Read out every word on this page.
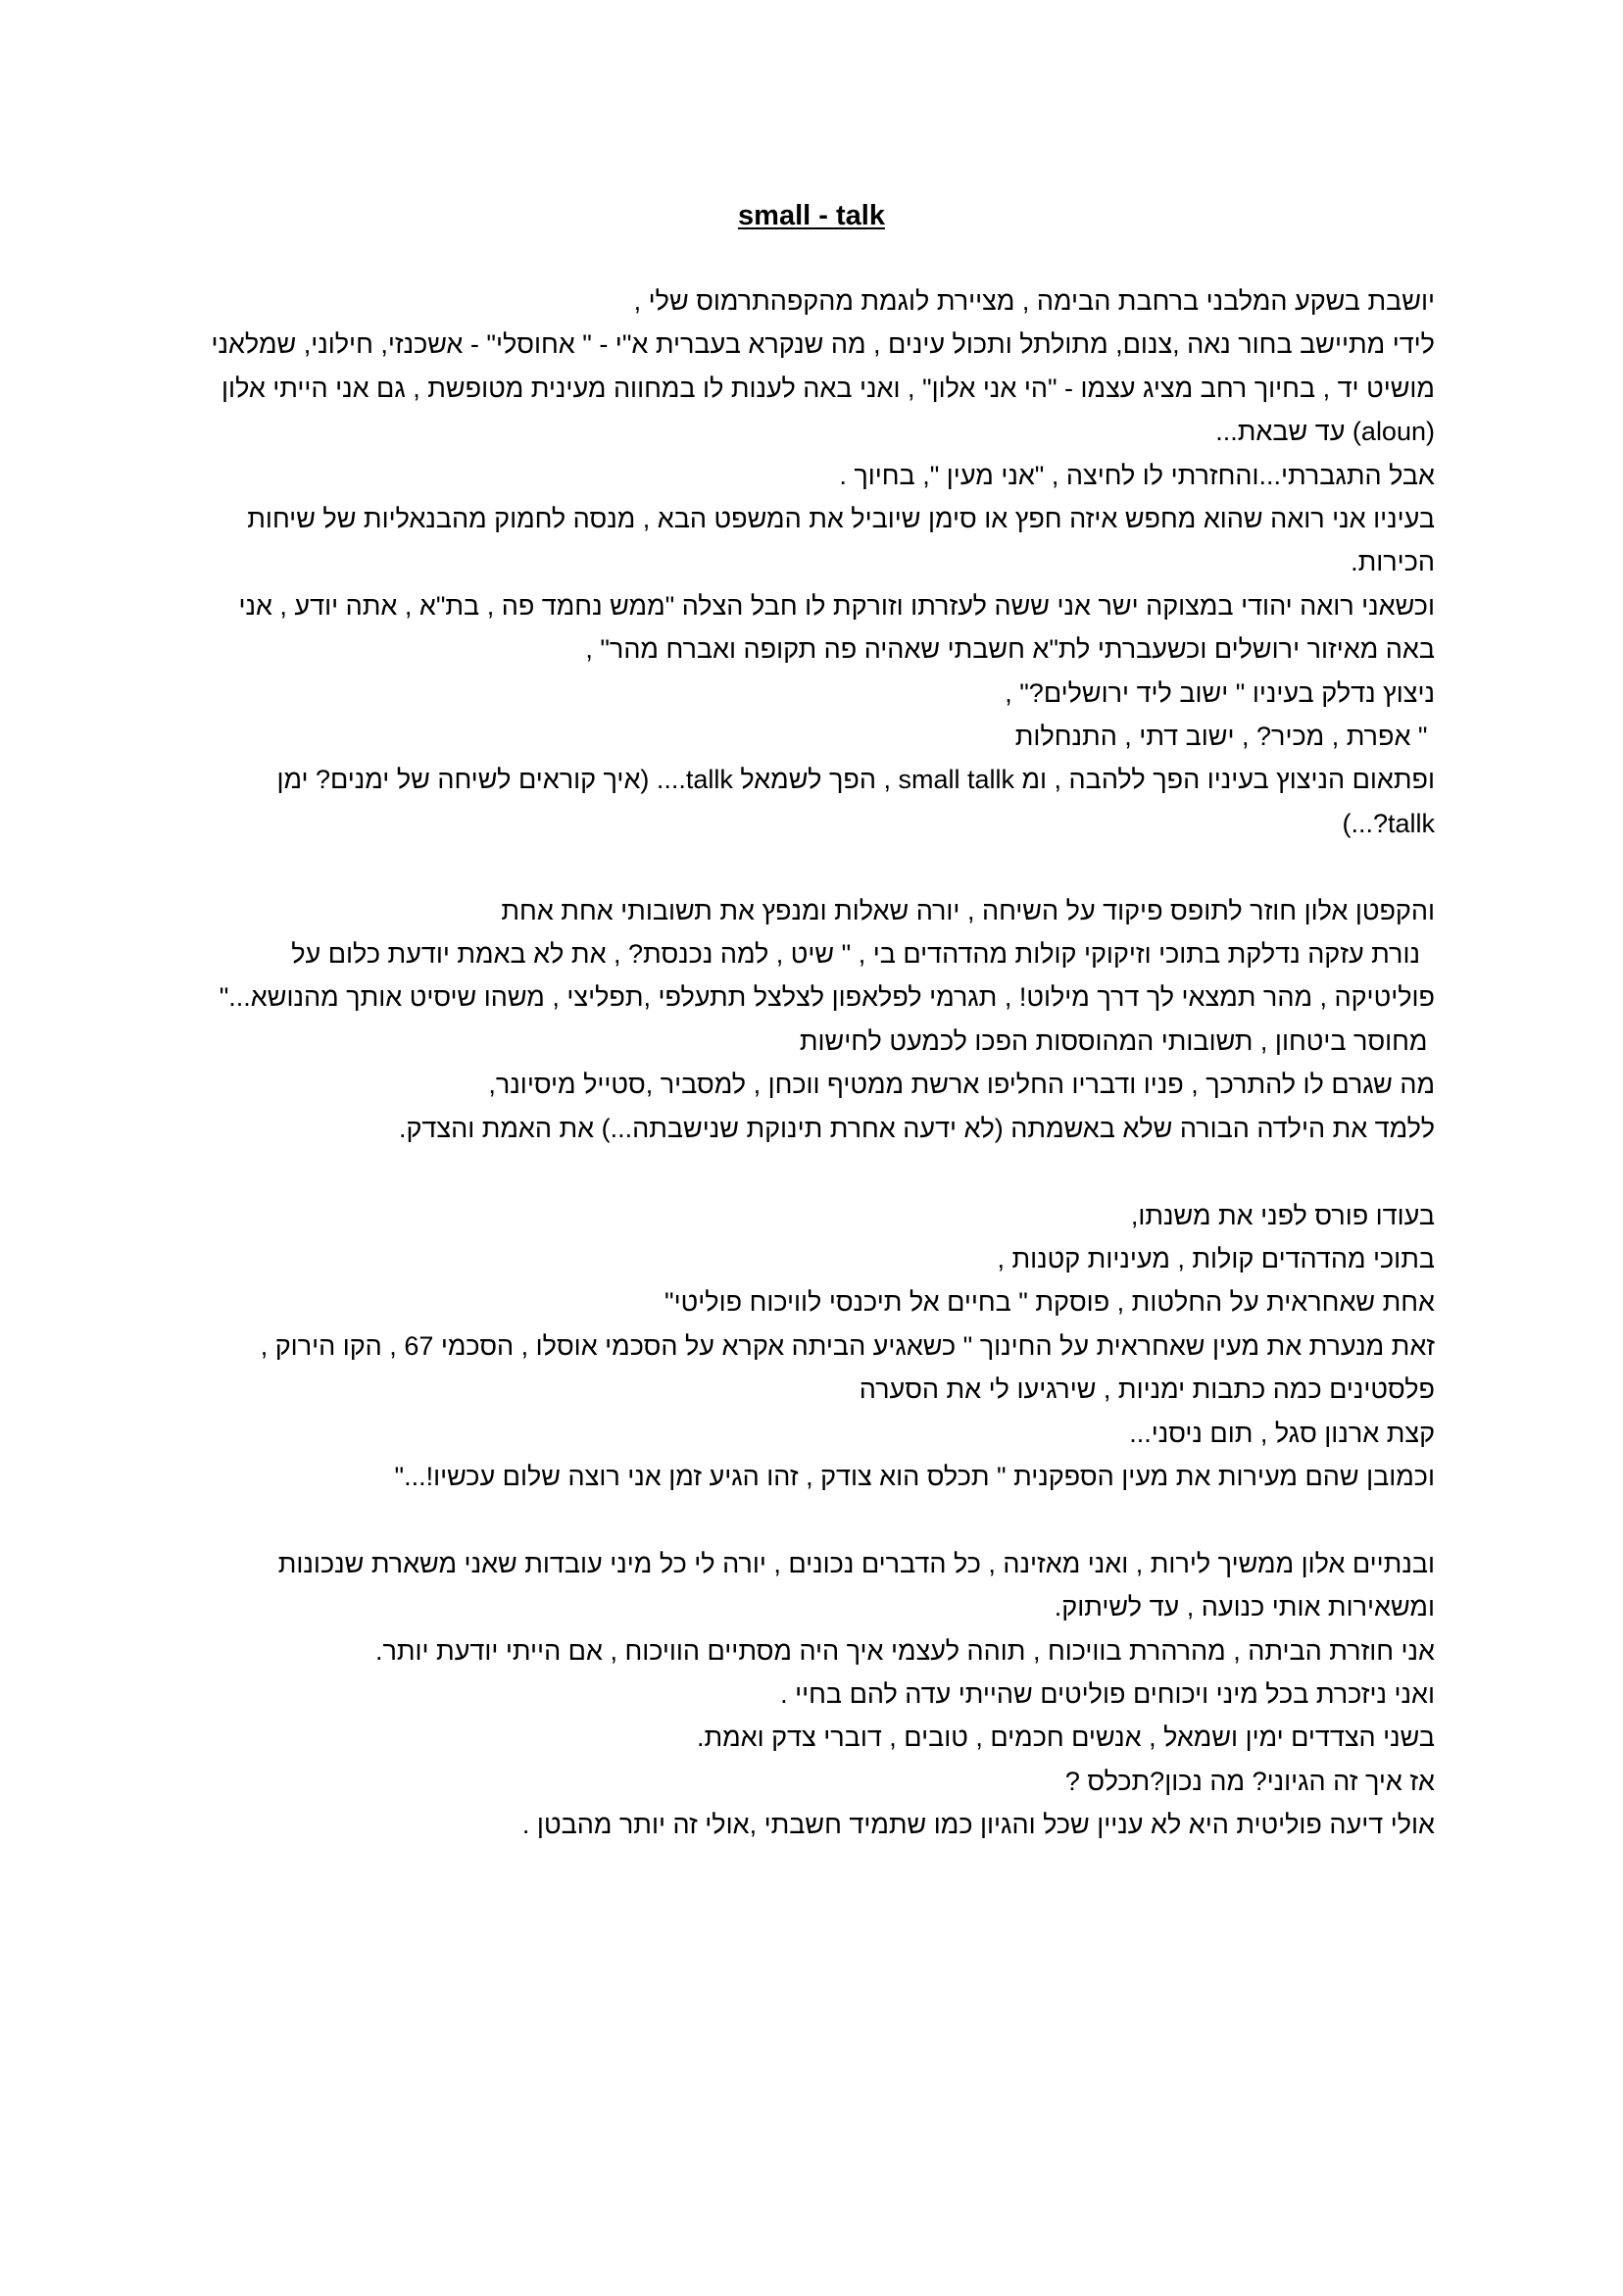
small - talk

יושבת בשקע המלבני ברחבת הבימה , מציירת לוגמת מהקפהתרמוס שלי ,
לידי מתיישב בחור נאה ,צנום, מתולתל ותכול עינים , מה שנקרא בעברית א"י - " אחוסלי" - אשכנזי, חילוני, שמלאני
מושיט יד , בחיוך רחב מציג עצמו - "הי אני אלון" , ואני באה לענות לו במחווה מעינית מטופשת , גם אני הייתי אלון (aloun) עד שבאת...
אבל התגברתי...והחזרתי לו לחיצה , "אני מעין ", בחיוך .
בעיניו אני רואה שהוא מחפש איזה חפץ או סימן שיוביל את המשפט הבא , מנסה לחמוק מהבנאליות של שיחות הכירות.
וכשאני רואה יהודי במצוקה ישר אני ששה לעזרתו וזורקת לו חבל הצלה "ממש נחמד פה , בת"א , אתה יודע , אני באה מאיזור ירושלים וכשעברתי לת"א חשבתי שאהיה פה תקופה ואברח מהר" ,
ניצוץ נדלק בעיניו " ישוב ליד ירושלים?" ,
" אפרת , מכיר? , ישוב דתי , התנחלות
ופתאום הניצוץ בעיניו הפך ללהבה , ומ small tallk , הפך לשמאל tallk.... (איך קוראים לשיחה של ימנים? ימן tallk?...)

והקפטן אלון חוזר לתופס פיקוד על השיחה , יורה שאלות ומנפץ את תשובותי אחת אחת
נורת עזקה נדלקת בתוכי וזיקוקי קולות מהדהדים בי , " שיט , למה נכנסת? , את לא באמת יודעת כלום על פוליטיקה , מהר תמצאי לך דרך מילוט! , תגרמי לפלאפון לצלצל תתעלפי ,תפליצי , משהו שיסיט אותך מהנושא..."
מחוסר ביטחון , תשובותי המהוססות הפכו לכמעט לחישות
מה שגרם לו להתרכך , פניו ודבריו החליפו ארשת ממטיף ווכחן , למסביר ,סטייל מיסיונר,
ללמד את הילדה הבורה שלא באשמתה (לא ידעה אחרת תינוקת שנישבתה...) את האמת והצדק.

בעודו פורס לפני את משנתו,
בתוכי מהדהדים קולות , מעיניות קטנות ,
אחת שאחראית על החלטות , פוסקת " בחיים אל תיכנסי לוויכוח פוליטי"
זאת מנערת את מעין שאחראית על החינוך " כשאגיע הביתה אקרא על הסכמי אוסלו , הסכמי 67 , הקו הירוק , פלסטינים כמה כתבות ימניות , שירגיעו לי את הסערה
קצת ארנון סגל , תום ניסני...
וכמובן שהם מעירות את מעין הספקנית " תכלס הוא צודק , זהו הגיע זמן אני רוצה שלום עכשיו!..."

ובנתיים אלון ממשיך לירות , ואני מאזינה , כל הדברים נכונים , יורה לי כל מיני עובדות שאני משארת שנכונות ומשאירות אותי כנועה , עד לשיתוק.
אני חוזרת הביתה , מהרהרת בוויכוח , תוהה לעצמי איך היה מסתיים הוויכוח , אם הייתי יודעת יותר.
ואני ניזכרת בכל מיני ויכוחים פוליטים שהייתי עדה להם בחיי .
בשני הצדדים ימין ושמאל , אנשים חכמים , טובים , דוברי צדק ואמת.
אז איך זה הגיוני? מה נכון?תכלס ?
אולי דיעה פוליטית היא לא עניין שכל והגיון כמו שתמיד חשבתי ,אולי זה יותר מהבטן .
